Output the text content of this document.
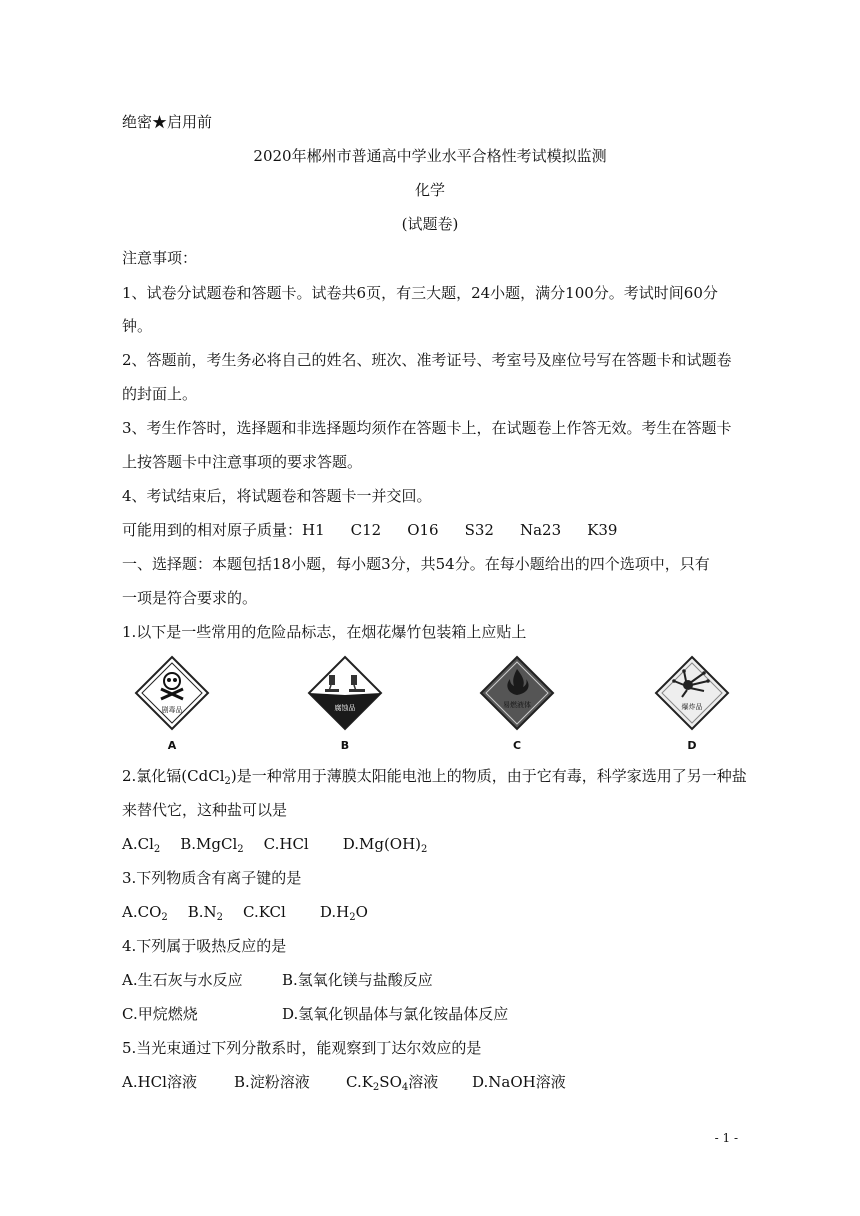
绝密★启用前
2020年郴州市普通高中学业水平合格性考试模拟监测
化学
(试题卷)
注意事项：
1、试卷分试题卷和答题卡。试卷共6页，有三大题，24小题，满分100分。考试时间60分
钟。
2、答题前，考生务必将自己的姓名、班次、准考证号、考室号及座位号写在答题卡和试题卷
的封面上。
3、考生作答时，选择题和非选择题均须作在答题卡上，在试题卷上作答无效。考生在答题卡
上按答题卡中注意事项的要求答题。
4、考试结束后，将试题卷和答题卡一并交回。
可能用到的相对原子质量：H1 C12 O16 S32 Na23 K39
一、选择题：本题包括18小题，每小题3分，共54分。在每小题给出的四个选项中，只有
一项是符合要求的。
1.以下是一些常用的危险品标志，在烟花爆竹包装箱上应贴上
剧毒品
A
腐蚀品
B
易燃液体
C
爆炸品
D
2.氯化镉(CdCl$_2$)是一种常用于薄膜太阳能电池上的物质，由于它有毒，科学家选用了另一种盐
来替代它，这种盐可以是
$A.Cl_2$ B.MgCl$_2$ C.HCl $D.Mg(OH)_2$
3.下列物质含有离子键的是
$A.CO_2$ $B.N_2$ C.KCl $D.H_2O$
4.下列属于吸热反应的是
A.生石灰与水反应	B.氢氧化镁与盐酸反应
C.甲烷燃烧	D.氢氧化钡晶体与氯化铵晶体反应
5.当光束通过下列分散系时，能观察到丁达尔效应的是
A.HCl溶液 B.淀粉溶液 $C.K_2SO_4$溶液 D.NaOH溶液
- 1 -
